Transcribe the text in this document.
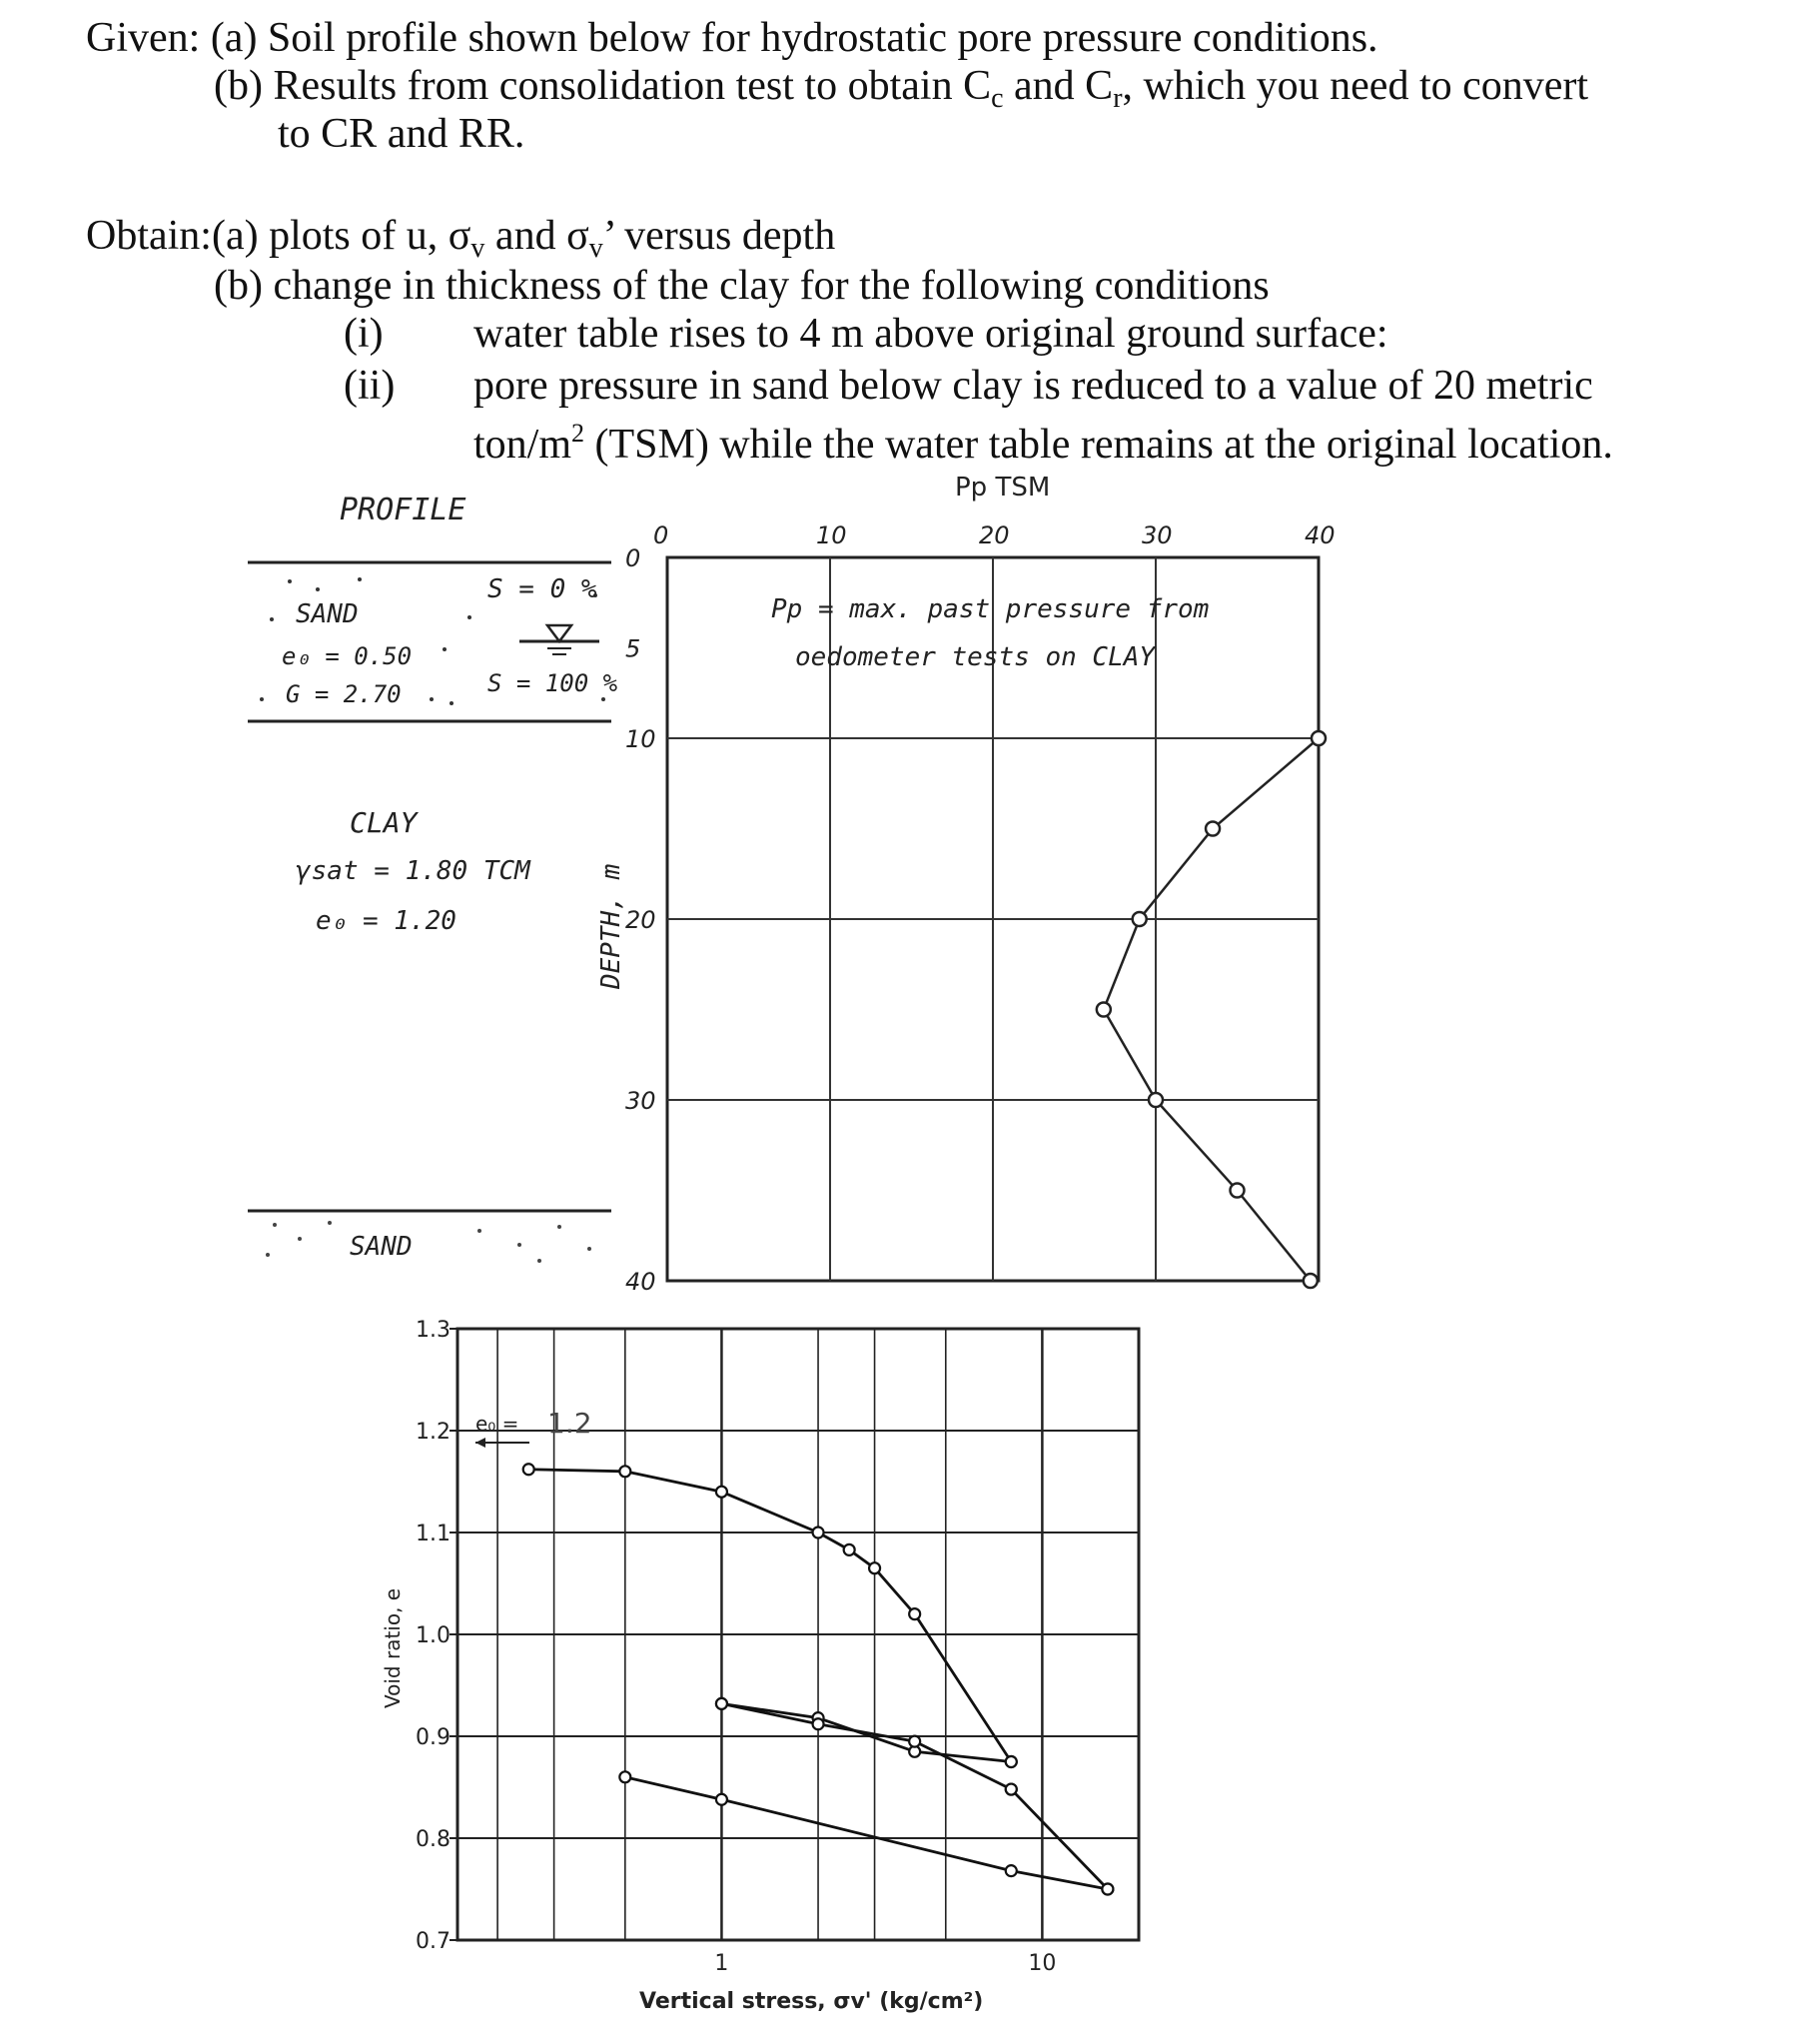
Given: (a) Soil profile shown below for hydrostatic pore pressure conditions.
(b) Results from consolidation test to obtain $C_c$ and $C_r$, which you need to convert
to CR and RR.
Obtain:(a) plots of u, $\sigma_v$ and $\sigma_v$’ versus depth
(b) change in thickness of the clay for the following conditions
(i) water table rises to 4 m above original ground surface:
(ii) pore pressure in sand below clay is reduced to a value of 20 metric
ton/$m^2$ (TSM) while the water table remains at the original location.
PROFILE
SAND
e₀ = 0.50
G = 2.70
S = 0 %
S = 100 %
CLAY
γsat = 1.80 TCM
e₀ = 1.20
SAND
0	10	20	30	40
0
5
10
20
30
40
Pp TSM
Pp = max. past pressure from
oedometer tests on CLAY
DEPTH, m
1.3
1.2
1.1
1.0
0.9
0.8
0.7
1	10
Void ratio, e
Vertical stress, σv' (kg/cm²)
e₀ = 1.2
